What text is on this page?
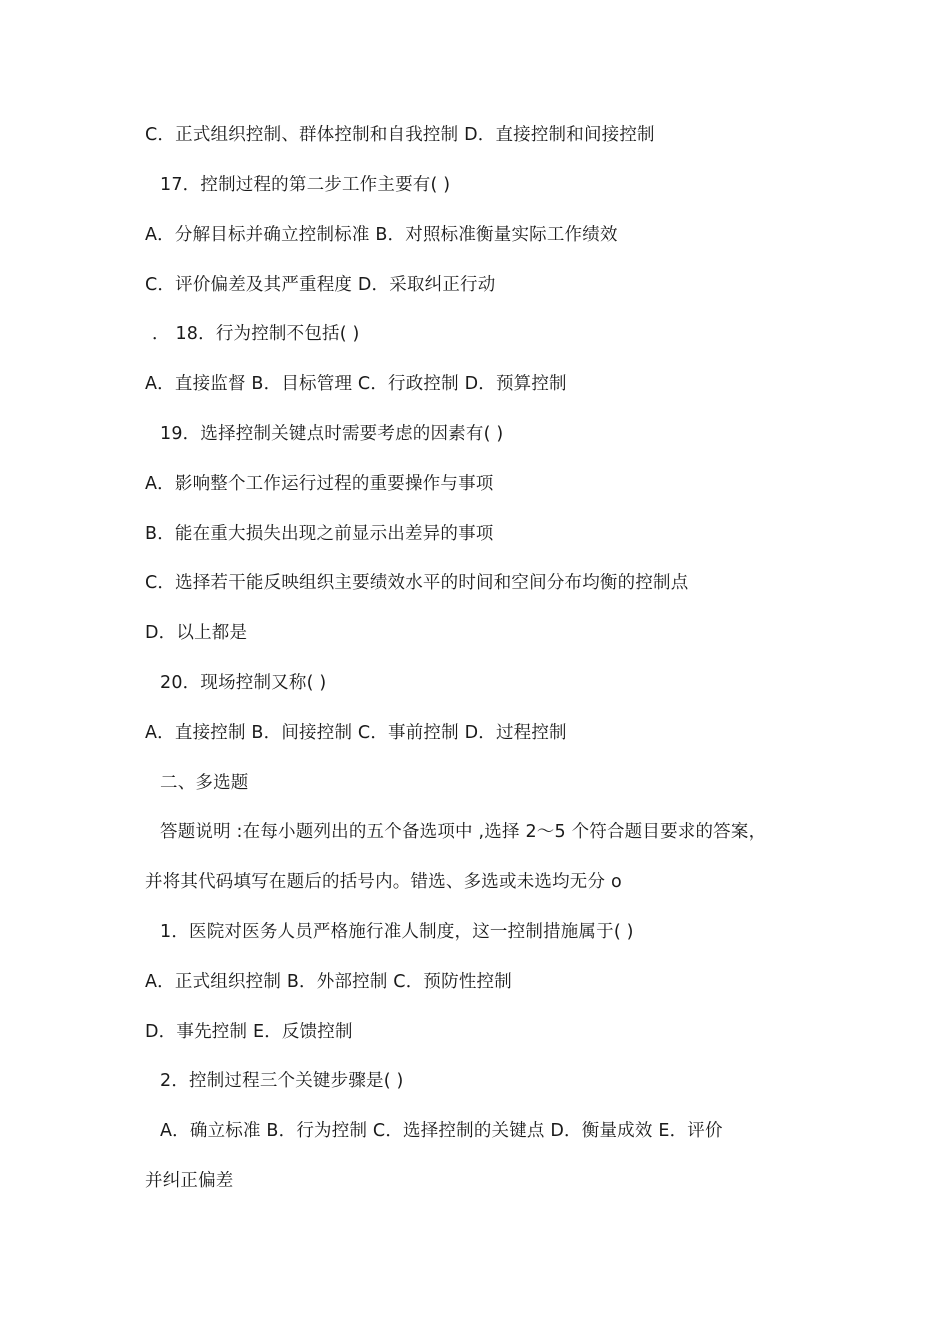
C．正式组织控制、群体控制和自我控制 D．直接控制和间接控制
17．控制过程的第二步工作主要有( )
A．分解目标并确立控制标准 B．对照标准衡量实际工作绩效
C．评价偏差及其严重程度 D．采取纠正行动
． 18．行为控制不包括( )
A．直接监督 B．目标管理 C．行政控制 D．预算控制
19．选择控制关键点时需要考虑的因素有( )
A．影响整个工作运行过程的重要操作与事项
B．能在重大损失出现之前显示出差异的事项
C．选择若干能反映组织主要绩效水平的时间和空间分布均衡的控制点
D．以上都是
20．现场控制又称( )
A．直接控制 B．间接控制 C．事前控制 D．过程控制
二、多选题
答题说明 :在每小题列出的五个备选项中 ,选择 2～5 个符合题目要求的答案，
并将其代码填写在题后的括号内。错选、多选或未选均无分 o
1．医院对医务人员严格施行准人制度，这一控制措施属于( )
A．正式组织控制 B．外部控制 C．预防性控制
D．事先控制 E．反馈控制
2．控制过程三个关键步骤是( )
A．确立标准 B．行为控制 C．选择控制的关键点 D．衡量成效 E．评价
并纠正偏差
